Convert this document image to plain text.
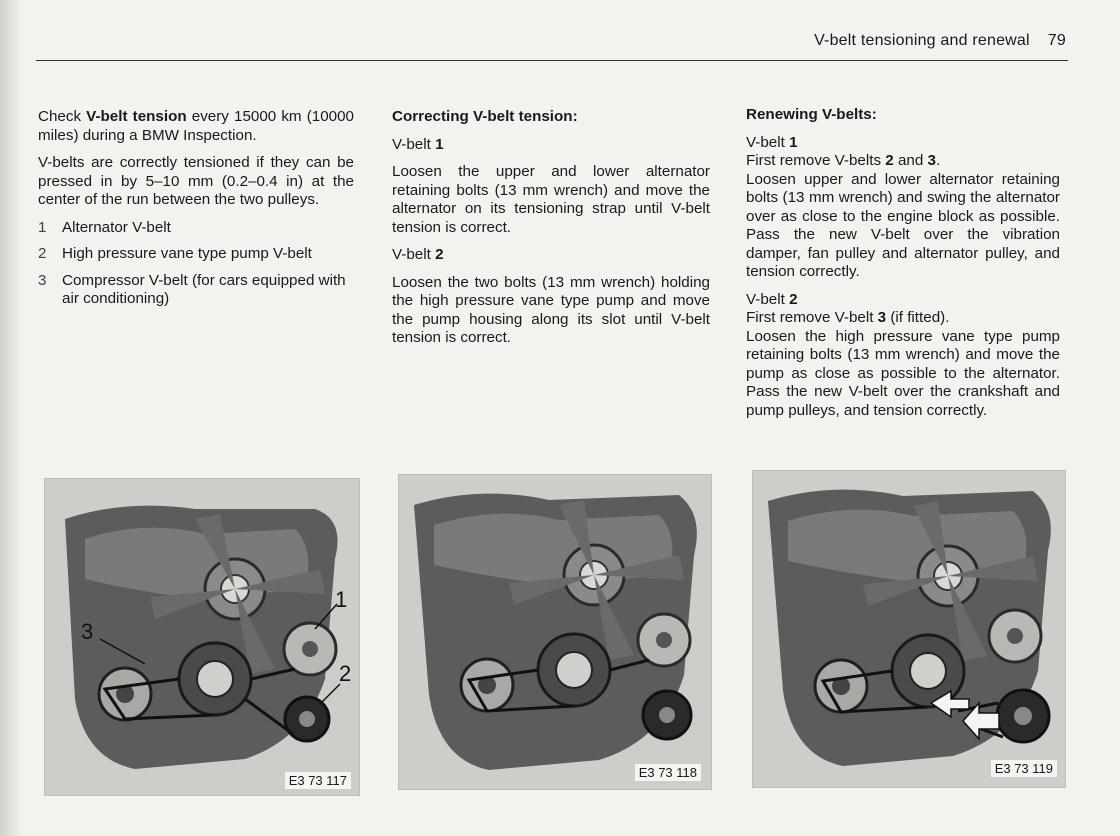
V-belt tensioning and renewal 79

Check V-belt tension every 15000 km (10000 miles) during a BMW Inspection.

V-belts are correctly tensioned if they can be pressed in by 5–10 mm (0.2–0.4 in) at the center of the run between the two pulleys.

1	Alternator V-belt
2	High pressure vane type pump V-belt
3	Compressor V-belt (for cars equipped with air conditioning)

Correcting V-belt tension:

V-belt 1

Loosen the upper and lower alternator retaining bolts (13 mm wrench) and move the alternator on its tensioning strap until V-belt tension is correct.

V-belt 2

Loosen the two bolts (13 mm wrench) holding the high pressure vane type pump and move the pump housing along its slot until V-belt tension is correct.

Renewing V-belts:

V-belt 1

First remove V-belts 2 and 3.

Loosen upper and lower alternator retaining bolts (13 mm wrench) and swing the alternator over as close to the engine block as possible. Pass the new V-belt over the vibration damper, fan pulley and alternator pulley, and tension correctly.

V-belt 2

First remove V-belt 3 (if fitted).

Loosen the high pressure vane type pump retaining bolts (13 mm wrench) and move the pump as close as possible to the alternator. Pass the new V-belt over the crankshaft and pump pulleys, and tension correctly.

1
2
3
E3 73 117
E3 73 118	E3 73 119
